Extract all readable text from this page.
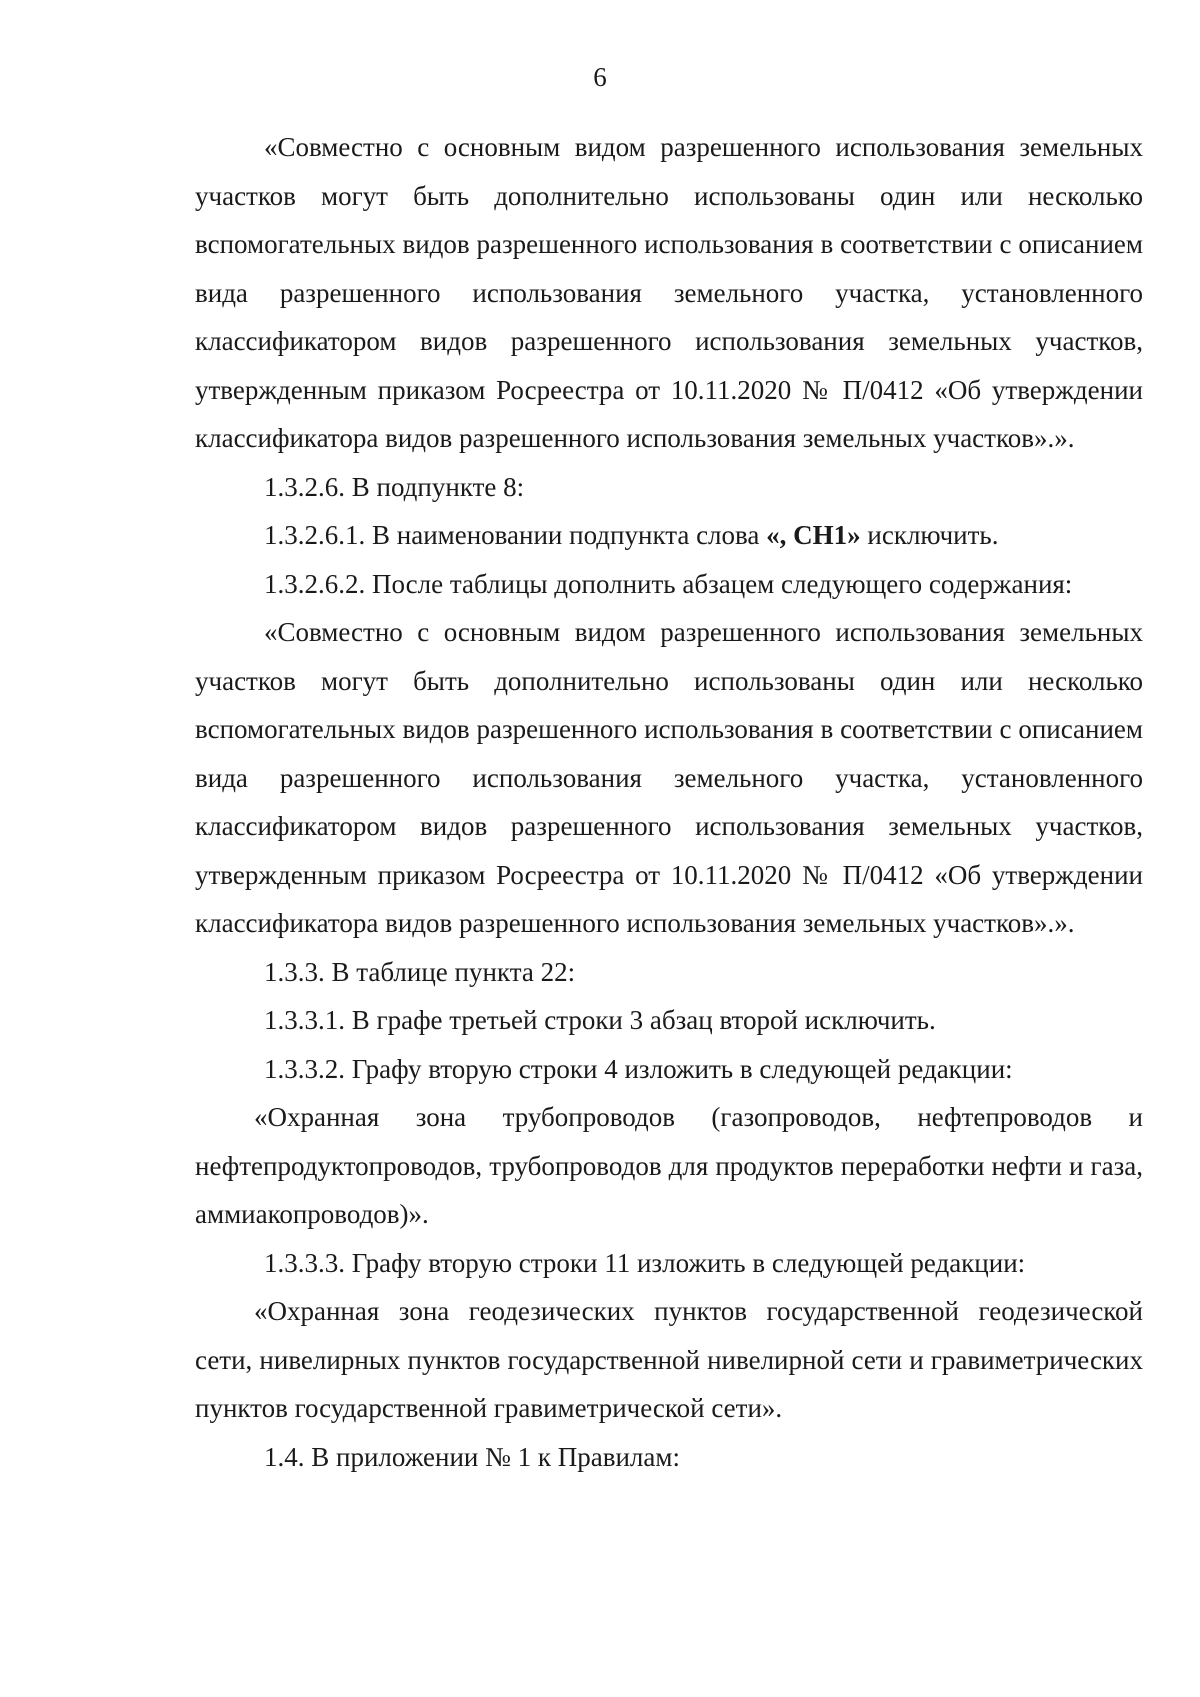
6

«Совместно с основным видом разрешенного использования земельных участков могут быть дополнительно использованы один или несколько вспомогательных видов разрешенного использования в соответствии с описанием вида разрешенного использования земельного участка, установленного классификатором видов разрешенного использования земельных участков, утвержденным приказом Росреестра от 10.11.2020 № П/0412 «Об утверждении классификатора видов разрешенного использования земельных участков».».

1.3.2.6. В подпункте 8:

1.3.2.6.1. В наименовании подпункта слова «, СН1» исключить.

1.3.2.6.2. После таблицы дополнить абзацем следующего содержания:

«Совместно с основным видом разрешенного использования земельных участков могут быть дополнительно использованы один или несколько вспомогательных видов разрешенного использования в соответствии с описанием вида разрешенного использования земельного участка, установленного классификатором видов разрешенного использования земельных участков, утвержденным приказом Росреестра от 10.11.2020 № П/0412 «Об утверждении классификатора видов разрешенного использования земельных участков».».

1.3.3. В таблице пункта 22:

1.3.3.1. В графе третьей строки 3 абзац второй исключить.

1.3.3.2. Графу вторую строки 4 изложить в следующей редакции:

«Охранная зона трубопроводов (газопроводов, нефтепроводов и нефтепродуктопроводов, трубопроводов для продуктов переработки нефти и газа, аммиакопроводов)».

1.3.3.3. Графу вторую строки 11 изложить в следующей редакции:

«Охранная зона геодезических пунктов государственной геодезической сети, нивелирных пунктов государственной нивелирной сети и гравиметрических пунктов государственной гравиметрической сети».

1.4. В приложении № 1 к Правилам:
